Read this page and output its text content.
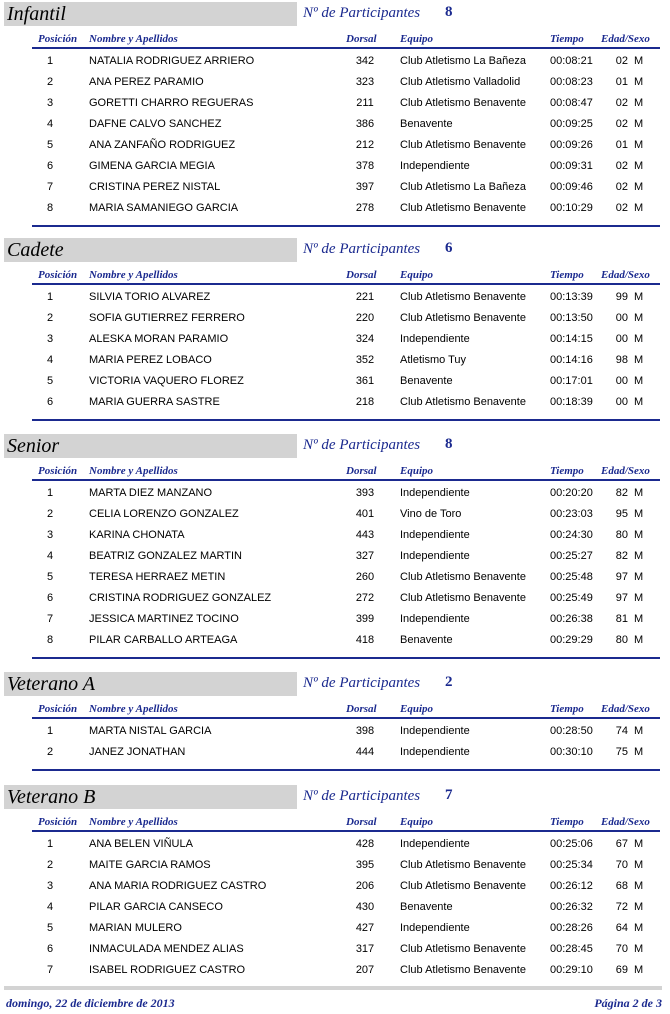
Infantil	Nº de Participantes 8
Posición Nombre y Apellidos	Dorsal Equipo	Tiempo Edad/Sexo
1	NATALIA RODRIGUEZ ARRIERO	342	Club Atletismo La Bañeza 00:08:21 02 M
2	ANA PEREZ PARAMIO	323	Club Atletismo Valladolid	00:08:23 01 M
3	GORETTI CHARRO REGUERAS	211	Club Atletismo Benavente 00:08:47 02 M
4	DAFNE CALVO SANCHEZ	386	Benavente	00:09:25 02 M
5	ANA ZANFAÑO RODRIGUEZ	212	Club Atletismo Benavente 00:09:26 01 M
6	GIMENA GARCIA MEGIA	378	Independiente	00:09:31 02 M
7	CRISTINA PEREZ NISTAL	397	Club Atletismo La Bañeza 00:09:46 02 M
8	MARIA SAMANIEGO GARCIA	278	Club Atletismo Benavente 00:10:29 02 M
Cadete	Nº de Participantes 6
Posición Nombre y Apellidos	Dorsal Equipo	Tiempo Edad/Sexo
1	SILVIA TORIO ALVAREZ	221	Club Atletismo Benavente 00:13:39 99 M
2	SOFIA GUTIERREZ FERRERO	220	Club Atletismo Benavente 00:13:50 00 M
3	ALESKA MORAN PARAMIO	324	Independiente	00:14:15 00 M
4	MARIA PEREZ LOBACO	352	Atletismo Tuy	00:14:16 98 M
5	VICTORIA VAQUERO FLOREZ	361	Benavente	00:17:01 00 M
6	MARIA GUERRA SASTRE	218	Club Atletismo Benavente 00:18:39 00 M
Senior	Nº de Participantes 8
Posición Nombre y Apellidos	Dorsal Equipo	Tiempo Edad/Sexo
1	MARTA DIEZ MANZANO	393	Independiente	00:20:20 82 M
2	CELIA LORENZO GONZALEZ	401	Vino de Toro	00:23:03 95 M
3	KARINA CHONATA	443	Independiente	00:24:30 80 M
4	BEATRIZ GONZALEZ MARTIN	327	Independiente	00:25:27 82 M
5	TERESA HERRAEZ METIN	260	Club Atletismo Benavente 00:25:48 97 M
6	CRISTINA RODRIGUEZ GONZALEZ	272	Club Atletismo Benavente 00:25:49 97 M
7	JESSICA MARTINEZ TOCINO	399	Independiente	00:26:38 81 M
8	PILAR CARBALLO ARTEAGA	418	Benavente	00:29:29 80 M
Veterano A	Nº de Participantes 2
Posición Nombre y Apellidos	Dorsal Equipo	Tiempo Edad/Sexo
1	MARTA NISTAL GARCIA	398	Independiente	00:28:50 74 M
2	JANEZ JONATHAN	444	Independiente	00:30:10 75 M
Veterano B	Nº de Participantes 7
Posición Nombre y Apellidos	Dorsal Equipo	Tiempo Edad/Sexo
1	ANA BELEN VIÑULA	428	Independiente	00:25:06 67 M
2	MAITE GARCIA RAMOS	395	Club Atletismo Benavente 00:25:34 70 M
3	ANA MARIA RODRIGUEZ CASTRO	206	Club Atletismo Benavente 00:26:12 68 M
4	PILAR GARCIA CANSECO	430	Benavente	00:26:32 72 M
5	MARIAN MULERO	427	Independiente	00:28:26 64 M
6	INMACULADA MENDEZ ALIAS	317	Club Atletismo Benavente 00:28:45 70 M
7	ISABEL RODRIGUEZ CASTRO	207	Club Atletismo Benavente 00:29:10 69 M
domingo, 22 de diciembre de 2013	Página 2 de 3
